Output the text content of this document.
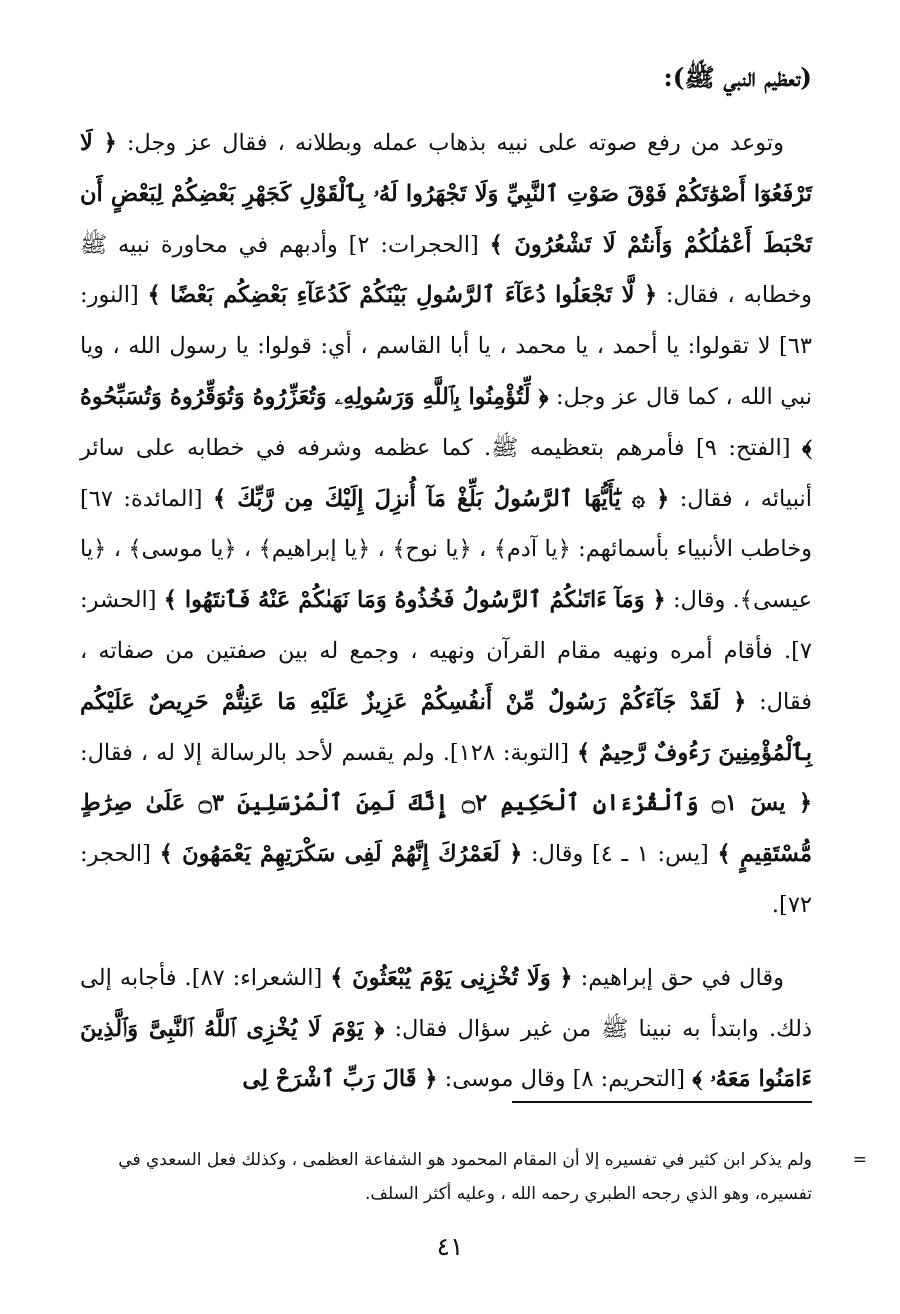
(تعظيم النبي ﷺ):

وتوعد من رفع صوته على نبيه بذهاب عمله وبطلانه ، فقال عز وجل: ﴿ لَا تَرْفَعُوٓا أَصْوَٰتَكُمْ فَوْقَ صَوْتِ ٱلنَّبِيِّ وَلَا تَجْهَرُوا لَهُۥ بِٱلْقَوْلِ كَجَهْرِ بَعْضِكُمْ لِبَعْضٍ أَن تَحْبَطَ أَعْمَٰلُكُمْ وَأَنتُمْ لَا تَشْعُرُونَ ﴾ [الحجرات: ٢] وأدبهم في محاورة نبيه ﷺ وخطابه ، فقال: ﴿ لَّا تَجْعَلُوا دُعَآءَ ٱلرَّسُولِ بَيْنَكُمْ كَدُعَآءِ بَعْضِكُم بَعْضًا ﴾ [النور: ٦٣] لا تقولوا: يا أحمد ، يا محمد ، يا أبا القاسم ، أي: قولوا: يا رسول الله ، ويا نبي الله ، كما قال عز وجل: ﴿ لِّتُؤْمِنُوا بِٱللَّهِ وَرَسُولِهِۦ وَتُعَزِّرُوهُ وَتُوَقِّرُوهُ وَتُسَبِّحُوهُ ﴾ [الفتح: ٩] فأمرهم بتعظيمه ﷺ. كما عظمه وشرفه في خطابه على سائر أنبيائه ، فقال: ﴿ ۞ يَٰٓأَيُّهَا ٱلرَّسُولُ بَلِّغْ مَآ أُنزِلَ إِلَيْكَ مِن رَّبِّكَ ﴾ [المائدة: ٦٧] وخاطب الأنبياء بأسمائهم: ﴿يا آدم﴾ ، ﴿يا نوح﴾ ، ﴿يا إبراهيم﴾ ، ﴿يا موسى﴾ ، ﴿يا عيسى﴾. وقال: ﴿ وَمَآ ءَاتَىٰكُمُ ٱلرَّسُولُ فَخُذُوهُ وَمَا نَهَىٰكُمْ عَنْهُ فَٱنتَهُوا ﴾ [الحشر: ٧]. فأقام أمره ونهيه مقام القرآن ونهيه ، وجمع له بين صفتين من صفاته ، فقال: ﴿ لَقَدْ جَآءَكُمْ رَسُولٌ مِّنْ أَنفُسِكُمْ عَزِيزٌ عَلَيْهِ مَا عَنِتُّمْ حَرِيصٌ عَلَيْكُم بِٱلْمُؤْمِنِينَ رَءُوفٌ رَّحِيمٌ ﴾ [التوبة: ١٢٨]. ولم يقسم لأحد بالرسالة إلا له ، فقال: ﴿ يسٓ ۝١ وَٱلْقُرْءَانِ ٱلْحَكِيمِ ۝٢ إِنَّكَ لَمِنَ ٱلْمُرْسَلِينَ ۝٣ عَلَىٰ صِرَٰطٍ مُّسْتَقِيمٍ ﴾ [يس: ١ ـ ٤] وقال: ﴿ لَعَمْرُكَ إِنَّهُمْ لَفِى سَكْرَتِهِمْ يَعْمَهُونَ ﴾ [الحجر: ٧٢].

وقال في حق إبراهيم: ﴿ وَلَا تُخْزِنِى يَوْمَ يُبْعَثُونَ ﴾ [الشعراء: ٨٧]. فأجابه إلى ذلك. وابتدأ به نبينا ﷺ من غير سؤال فقال: ﴿ يَوْمَ لَا يُخْزِى ٱللَّهُ ٱلنَّبِىَّ وَٱلَّذِينَ ءَامَنُوا مَعَهُۥ ﴾ [التحريم: ٨] وقال موسى: ﴿ قَالَ رَبِّ ٱشْرَحْ لِى

=
ولم يذكر ابن كثير في تفسيره إلا أن المقام المحمود هو الشفاعة العظمى ، وكذلك فعل السعدي في تفسيره، وهو الذي رجحه الطبري رحمه الله ، وعليه أكثر السلف.
٤١
